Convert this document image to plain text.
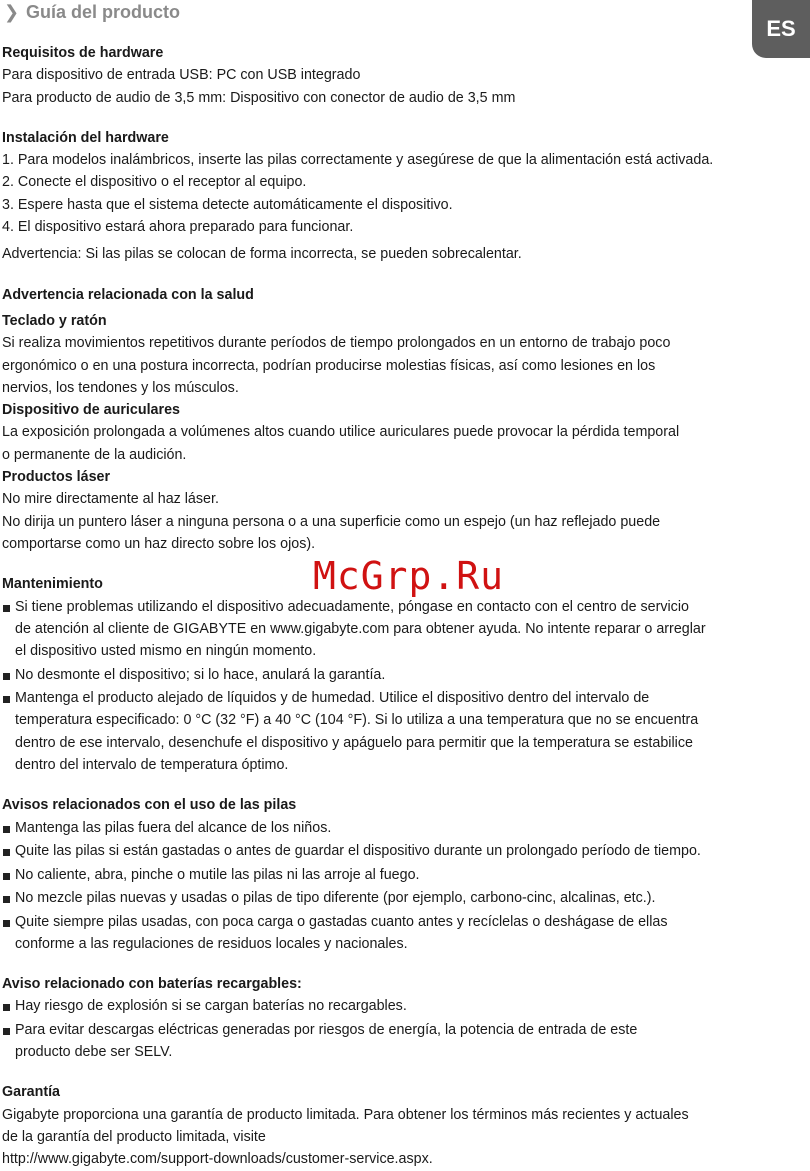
❯ Guía del producto
ES
Requisitos de hardware

Para dispositivo de entrada USB: PC con USB integrado

Para producto de audio de 3,5 mm: Dispositivo con conector de audio de 3,5 mm

Instalación del hardware

1. Para modelos inalámbricos, inserte las pilas correctamente y asegúrese de que la alimentación está activada.

2. Conecte el dispositivo o el receptor al equipo.

3. Espere hasta que el sistema detecte automáticamente el dispositivo.

4. El dispositivo estará ahora preparado para funcionar.

Advertencia: Si las pilas se colocan de forma incorrecta, se pueden sobrecalentar.

Advertencia relacionada con la salud
Teclado y ratón

Si realiza movimientos repetitivos durante períodos de tiempo prolongados en un entorno de trabajo poco

ergonómico o en una postura incorrecta, podrían producirse molestias físicas, así como lesiones en los

nervios, los tendones y los músculos.

Dispositivo de auriculares

La exposición prolongada a volúmenes altos cuando utilice auriculares puede provocar la pérdida temporal

o permanente de la audición.

Productos láser

No mire directamente al haz láser.

No dirija un puntero láser a ninguna persona o a una superficie como un espejo (un haz reflejado puede

comportarse como un haz directo sobre los ojos).

Mantenimiento
Si tiene problemas utilizando el dispositivo adecuadamente, póngase en contacto con el centro de servicio
de atención al cliente de GIGABYTE en www.gigabyte.com para obtener ayuda. No intente reparar o arreglar
el dispositivo usted mismo en ningún momento.
No desmonte el dispositivo; si lo hace, anulará la garantía.
Mantenga el producto alejado de líquidos y de humedad. Utilice el dispositivo dentro del intervalo de
temperatura especificado: 0 °C (32 °F) a 40 °C (104 °F). Si lo utiliza a una temperatura que no se encuentra
dentro de ese intervalo, desenchufe el dispositivo y apáguelo para permitir que la temperatura se estabilice
dentro del intervalo de temperatura óptimo.
Avisos relacionados con el uso de las pilas
Mantenga las pilas fuera del alcance de los niños.
Quite las pilas si están gastadas o antes de guardar el dispositivo durante un prolongado período de tiempo.
No caliente, abra, pinche o mutile las pilas ni las arroje al fuego.
No mezcle pilas nuevas y usadas o pilas de tipo diferente (por ejemplo, carbono-cinc, alcalinas, etc.).
Quite siempre pilas usadas, con poca carga o gastadas cuanto antes y recíclelas o deshágase de ellas
conforme a las regulaciones de residuos locales y nacionales.
Aviso relacionado con baterías recargables:
Hay riesgo de explosión si se cargan baterías no recargables.
Para evitar descargas eléctricas generadas por riesgos de energía, la potencia de entrada de este
producto debe ser SELV.
Garantía

Gigabyte proporciona una garantía de producto limitada. Para obtener los términos más recientes y actuales

de la garantía del producto limitada, visite

http://www.gigabyte.com/support-downloads/customer-service.aspx.

McGrp.Ru
